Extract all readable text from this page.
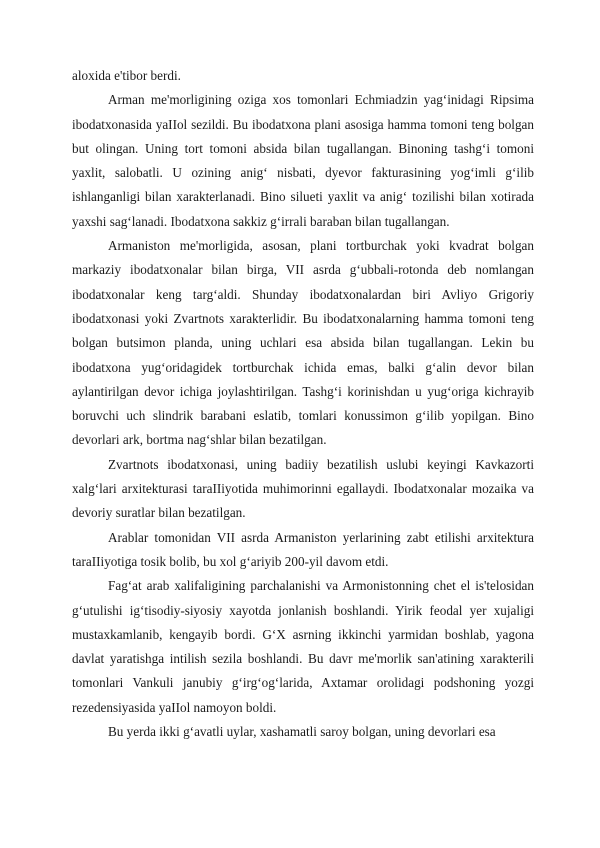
aloxida e'tibor berdi.

Arman me'morligining oziga xos tomonlari Echmiadzin yag‘inidagi Ripsima ibodatxonasida yaIIol sezildi. Bu ibodatxona plani asosiga hamma tomoni teng bolgan but olingan. Uning tort tomoni absida bilan tugallangan. Binoning tashg‘i tomoni yaxlit, salobatli. U ozining anig‘ nisbati, dyevor fakturasining yog‘imli g‘ilib ishlanganligi bilan xarakterlanadi. Bino silueti yaxlit va anig‘ tozilishi bilan xotirada yaxshi sag‘lanadi. Ibodatxona sakkiz g‘irrali baraban bilan tugallangan.

Armaniston me'morligida, asosan, plani tortburchak yoki kvadrat bolgan markaziy ibodatxonalar bilan birga, VII asrda g‘ubbali-rotonda deb nomlangan ibodatxonalar keng targ‘aldi. Shunday ibodatxonalardan biri Avliyo Grigoriy ibodatxonasi yoki Zvartnots xarakterlidir. Bu ibodatxonalarning hamma tomoni teng bolgan butsimon planda, uning uchlari esa absida bilan tugallangan. Lekin bu ibodatxona yug‘oridagidek tortburchak ichida emas, balki g‘alin devor bilan aylantirilgan devor ichiga joylashtirilgan. Tashg‘i korinishdan u yug‘origa kichrayib boruvchi uch slindrik barabani eslatib, tomlari konussimon g‘ilib yopilgan. Bino devorlari ark, bortma nag‘shlar bilan bezatilgan.

Zvartnots ibodatxonasi, uning badiiy bezatilish uslubi keyingi Kavkazorti xalg‘lari arxitekturasi taraIIiyotida muhimorinni egallaydi. Ibodatxonalar mozaika va devoriy suratlar bilan bezatilgan.

Arablar tomonidan VII asrda Armaniston yerlarining zabt etilishi arxitektura taraIIiyotiga tosik bolib, bu xol g‘ariyib 200-yil davom etdi.

Fag‘at arab xalifaligining parchalanishi va Armonistonning chet el is'telosidan g‘utulishi ig‘tisodiy-siyosiy xayotda jonlanish boshlandi. Yirik feodal yer xujaligi mustaxkamlanib, kengayib bordi. G‘X asrning ikkinchi yarmidan boshlab, yagona davlat yaratishga intilish sezila boshlandi. Bu davr me'morlik san'atining xarakterili tomonlari Vankuli janubiy g‘irg‘og‘larida, Axtamar orolidagi podshoning yozgi rezedensiyasida yaIIol namoyon boldi.

Bu yerda ikki g‘avatli uylar, xashamatli saroy bolgan, uning devorlari esa
